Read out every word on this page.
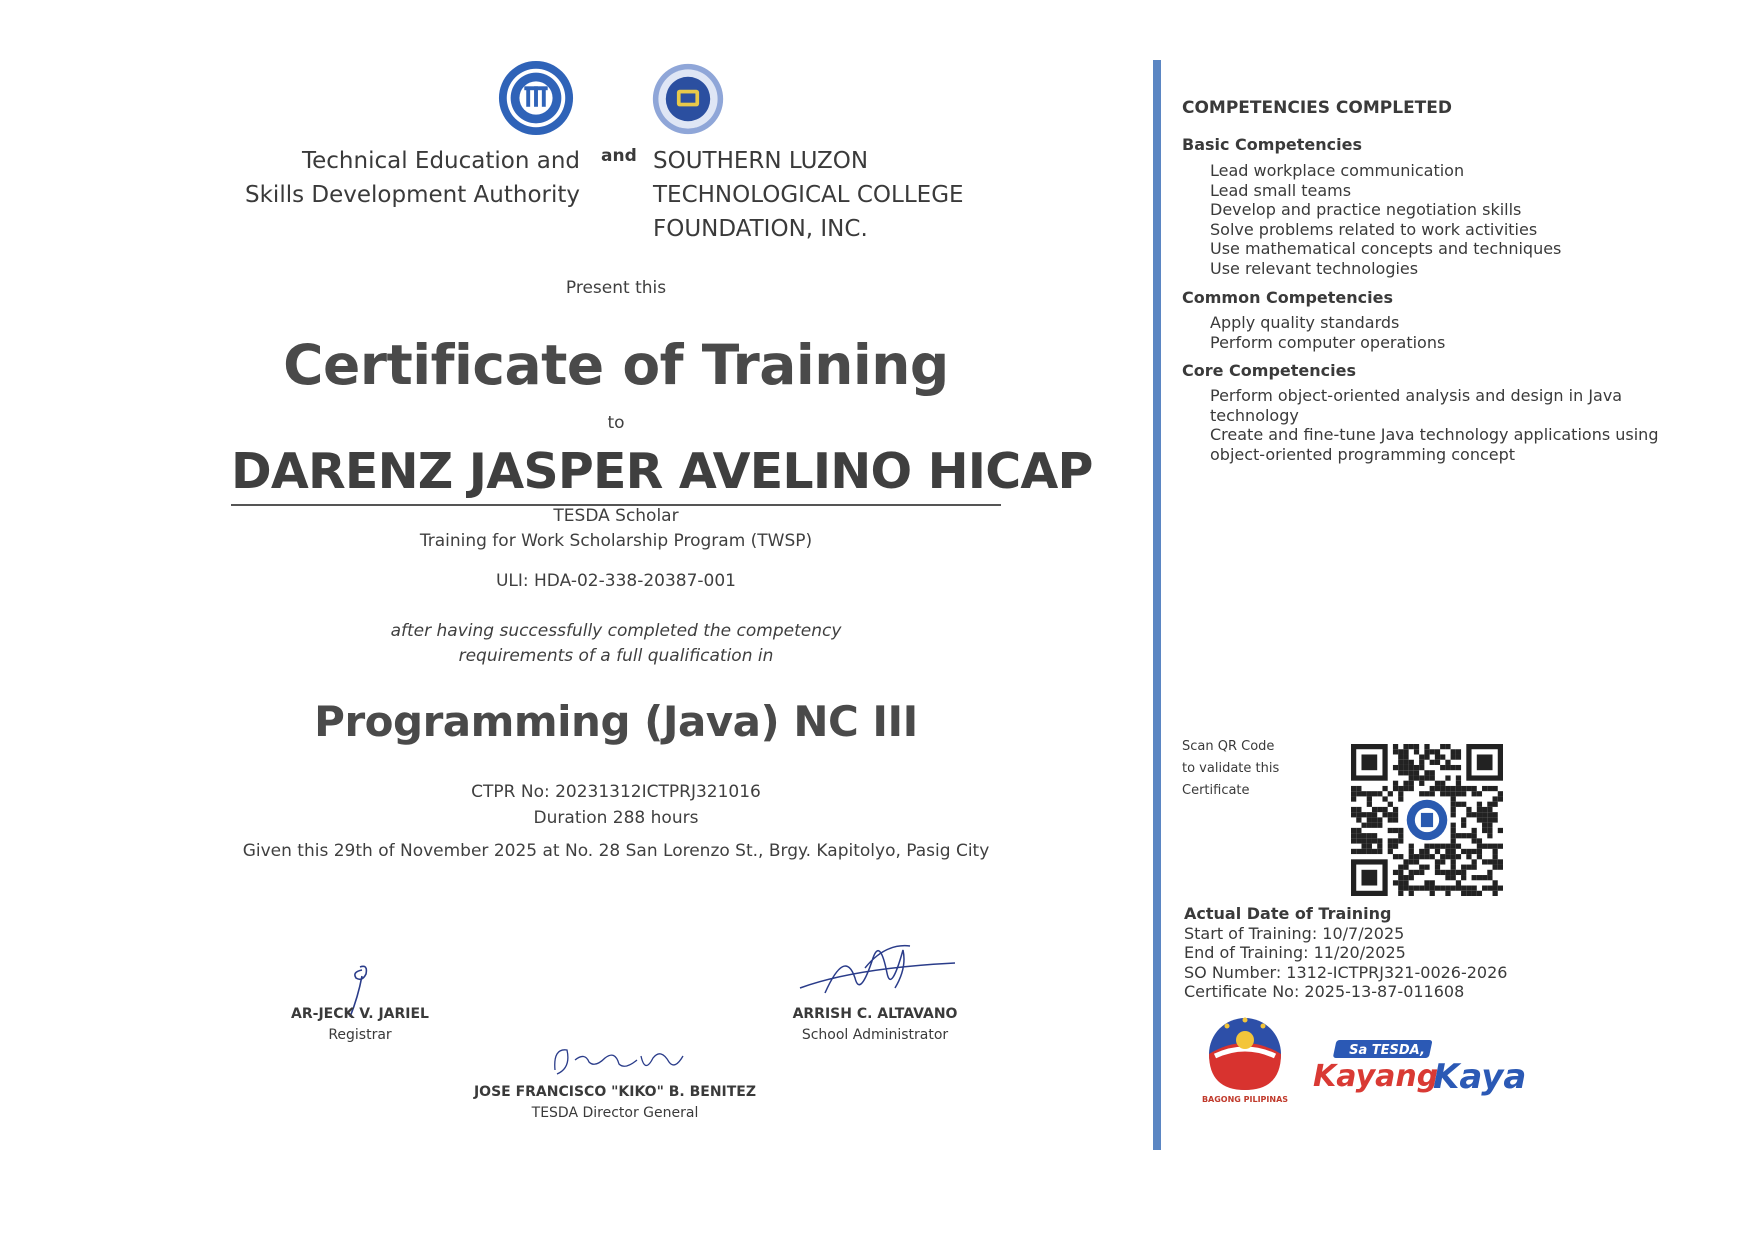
Technical Education and
Skills Development Authority
and SOUTHERN LUZON
TECHNOLOGICAL COLLEGE
FOUNDATION, INC.
Present this
Certificate of Training
to
DARENZ JASPER AVELINO HICAP
TESDA Scholar
Training for Work Scholarship Program (TWSP)
ULI: HDA-02-338-20387-001
after having successfully completed the competency
requirements of a full qualification in
Programming (Java) NC III
CTPR No: 20231312ICTPRJ321016
Duration 288 hours
Given this 29th of November 2025 at No. 28 San Lorenzo St., Brgy. Kapitolyo, Pasig City
AR-JECK V. JARIEL
Registrar
ARRISH C. ALTAVANO
School Administrator
JOSE FRANCISCO "KIKO" B. BENITEZ
TESDA Director General
COMPETENCIES COMPLETED
Basic Competencies
Lead workplace communication
Lead small teams
Develop and practice negotiation skills
Solve problems related to work activities
Use mathematical concepts and techniques
Use relevant technologies
Common Competencies
Apply quality standards
Perform computer operations
Core Competencies
Perform object-oriented analysis and design in Java technology
Create and fine-tune Java technology applications using object-oriented programming concept
Scan QR Code
to validate this
Certificate
Actual Date of Training
Start of Training: 10/7/2025
End of Training: 11/20/2025
SO Number: 1312-ICTPRJ321-0026-2026
Certificate No: 2025-13-87-011608
BAGONG PILIPINAS
Sa TESDA,
Kayang
Kaya
